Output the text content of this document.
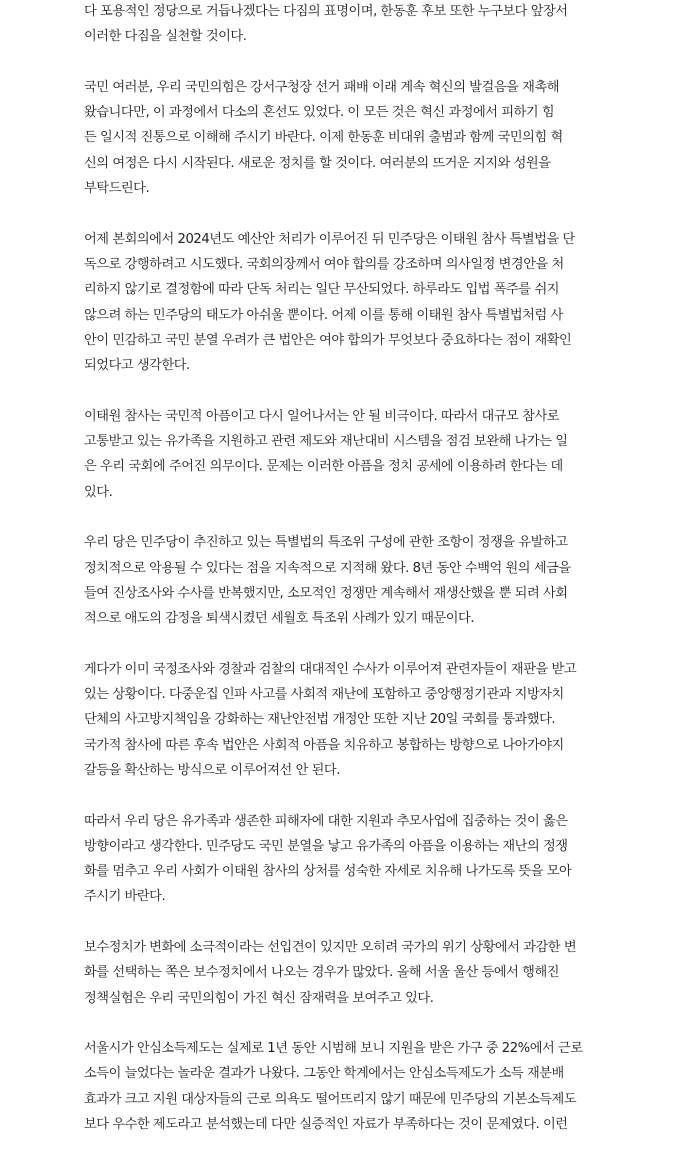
다 포용적인 정당으로 거듭나겠다는 다짐의 표명이며, 한동훈 후보 또한 누구보다 앞장서
이러한 다짐을 실천할 것이다.
국민 여러분, 우리 국민의힘은 강서구청장 선거 패배 이래 계속 혁신의 발걸음을 재촉해
왔습니다만, 이 과정에서 다소의 혼선도 있었다. 이 모든 것은 혁신 과정에서 피하기 힘
든 일시적 진통으로 이해해 주시기 바란다. 이제 한동훈 비대위 출범과 함께 국민의힘 혁
신의 여정은 다시 시작된다. 새로운 정치를 할 것이다. 여러분의 뜨거운 지지와 성원을
부탁드린다.
어제 본회의에서 2024년도 예산안 처리가 이루어진 뒤 민주당은 이태원 참사 특별법을 단
독으로 강행하려고 시도했다. 국회의장께서 여야 합의를 강조하며 의사일정 변경안을 처
리하지 않기로 결정함에 따라 단독 처리는 일단 무산되었다. 하루라도 입법 폭주를 쉬지
않으려 하는 민주당의 태도가 아쉬울 뿐이다. 어제 이를 통해 이태원 참사 특별법처럼 사
안이 민감하고 국민 분열 우려가 큰 법안은 여야 합의가 무엇보다 중요하다는 점이 재확인
되었다고 생각한다.
이태원 참사는 국민적 아픔이고 다시 일어나서는 안 될 비극이다. 따라서 대규모 참사로
고통받고 있는 유가족을 지원하고 관련 제도와 재난대비 시스템을 점검 보완해 나가는 일
은 우리 국회에 주어진 의무이다. 문제는 이러한 아픔을 정치 공세에 이용하려 한다는 데
있다.
우리 당은 민주당이 추진하고 있는 특별법의 특조위 구성에 관한 조항이 정쟁을 유발하고
정치적으로 악용될 수 있다는 점을 지속적으로 지적해 왔다. 8년 동안 수백억 원의 세금을
들여 진상조사와 수사를 반복했지만, 소모적인 정쟁만 계속해서 재생산했을 뿐 되려 사회
적으로 애도의 감정을 퇴색시켰던 세월호 특조위 사례가 있기 때문이다.
게다가 이미 국정조사와 경찰과 검찰의 대대적인 수사가 이루어져 관련자들이 재판을 받고
있는 상황이다. 다중운집 인파 사고를 사회적 재난에 포함하고 중앙행정기관과 지방자치
단체의 사고방지책임을 강화하는 재난안전법 개정안 또한 지난 20일 국회를 통과했다.
국가적 참사에 따른 후속 법안은 사회적 아픔을 치유하고 봉합하는 방향으로 나아가야지
갈등을 확산하는 방식으로 이루어져선 안 된다.
따라서 우리 당은 유가족과 생존한 피해자에 대한 지원과 추모사업에 집중하는 것이 옳은
방향이라고 생각한다. 민주당도 국민 분열을 낳고 유가족의 아픔을 이용하는 재난의 정쟁
화를 멈추고 우리 사회가 이태원 참사의 상처를 성숙한 자세로 치유해 나가도록 뜻을 모아
주시기 바란다.
보수정치가 변화에 소극적이라는 선입견이 있지만 오히려 국가의 위기 상황에서 과감한 변
화를 선택하는 쪽은 보수정치에서 나오는 경우가 많았다. 올해 서울 울산 등에서 행해진
정책실험은 우리 국민의힘이 가진 혁신 잠재력을 보여주고 있다.
서울시가 안심소득제도는 실제로 1년 동안 시범해 보니 지원을 받은 가구 중 22%에서 근로
소득이 늘었다는 놀라운 결과가 나왔다. 그동안 학계에서는 안심소득제도가 소득 재분배
효과가 크고 지원 대상자들의 근로 의욕도 떨어뜨리지 않기 때문에 민주당의 기본소득제도
보다 우수한 제도라고 분석했는데 다만 실증적인 자료가 부족하다는 것이 문제였다. 이런
